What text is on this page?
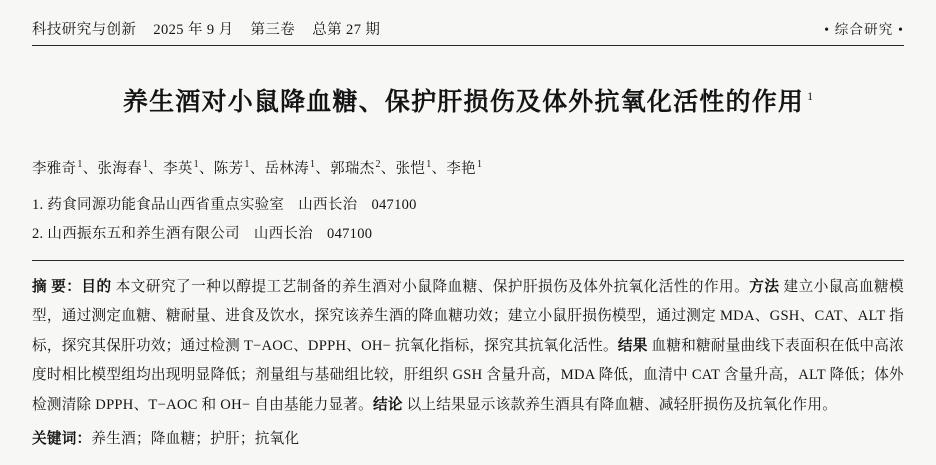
科技研究与创新 2025 年 9 月 第三卷 总第 27 期	• 综合研究 •
养生酒对小鼠降血糖、保护肝损伤及体外抗氧化活性的作用 $^1$
李雅奇$^1$ 、 张海春$^1$ 、 李英$^1$ 、 陈芳$^1$ 、 岳林涛$^1$ 、 郭瑞杰$^2$ 、 张恺$^1$ 、 李艳$^1$
1. 药食同源功能食品山西省重点实验室 山西长治 047100
2. 山西振东五和养生酒有限公司 山西长治 047100
摘 要：目的 本文研究了一种以醇提工艺制备的养生酒对小鼠降血糖、保护肝损伤及体外抗氧化活性的作用。方法 建立小鼠高血糖模型，通过测定血糖、糖耐量、进食及饮水，探究该养生酒的降血糖功效；建立小鼠肝损伤模型，通过测定 MDA、GSH、CAT、ALT 指标，探究其保肝功效；通过检测 T−AOC、DPPH、OH− 抗氧化指标，探究其抗氧化活性。结果 血糖和糖耐量曲线下表面积在低中高浓度时相比模型组均出现明显降低；剂量组与基础组比较，肝组织 GSH 含量升高，MDA 降低，血清中 CAT 含量升高，ALT 降低；体外检测清除 DPPH、T−AOC 和 OH− 自由基能力显著。结论 以上结果显示该款养生酒具有降血糖、减轻肝损伤及抗氧化作用。
关键词：养生酒；降血糖；护肝；抗氧化
